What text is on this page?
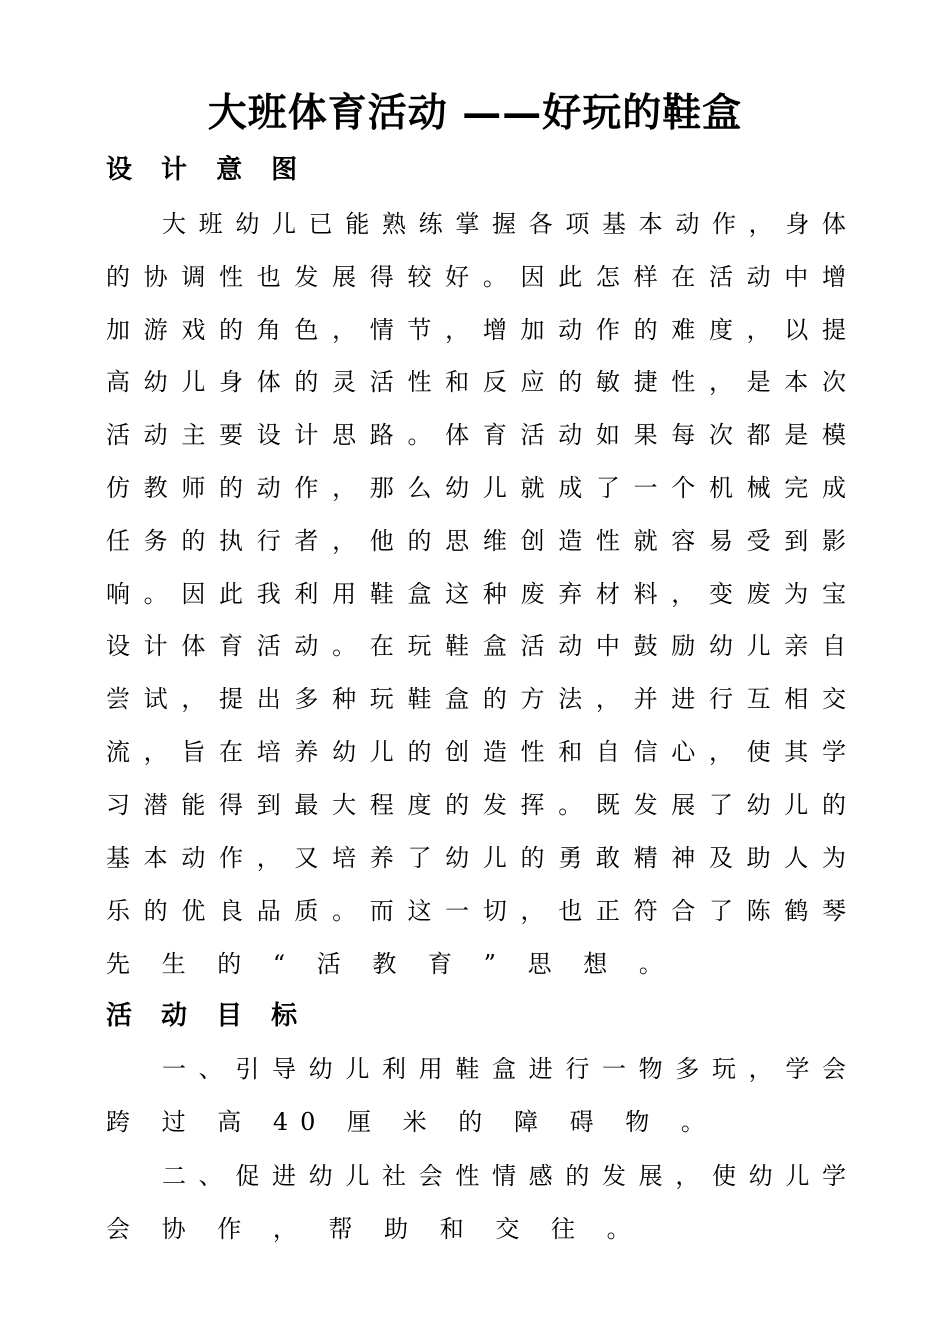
大班体育活动 ——好玩的鞋盒
设 计 意 图
大 班 幼 儿 已 能 熟 练 掌 握 各 项 基 本 动 作 ， 身 体
的 协 调 性 也 发 展 得 较 好 。 因 此 怎 样 在 活 动 中 增
加 游 戏 的 角 色 ， 情 节 ， 增 加 动 作 的 难 度 ， 以 提
高 幼 儿 身 体 的 灵 活 性 和 反 应 的 敏 捷 性 ， 是 本 次
活 动 主 要 设 计 思 路 。 体 育 活 动 如 果 每 次 都 是 模
仿 教 师 的 动 作 ， 那 么 幼 儿 就 成 了 一 个 机 械 完 成
任 务 的 执 行 者 ， 他 的 思 维 创 造 性 就 容 易 受 到 影
响 。 因 此 我 利 用 鞋 盒 这 种 废 弃 材 料 ， 变 废 为 宝
设 计 体 育 活 动 。 在 玩 鞋 盒 活 动 中 鼓 励 幼 儿 亲 自
尝 试 ， 提 出 多 种 玩 鞋 盒 的 方 法 ， 并 进 行 互 相 交
流 ， 旨 在 培 养 幼 儿 的 创 造 性 和 自 信 心 ， 使 其 学
习 潜 能 得 到 最 大 程 度 的 发 挥 。 既 发 展 了 幼 儿 的
基 本 动 作 ， 又 培 养 了 幼 儿 的 勇 敢 精 神 及 助 人 为
乐 的 优 良 品 质 。 而 这 一 切 ， 也 正 符 合 了 陈 鹤 琴
先 生 的 “ 活 教 育 ” 思 想 。
活 动 目 标
一 、 引 导 幼 儿 利 用 鞋 盒 进 行 一 物 多 玩 ， 学 会
跨 过 高 40 厘 米 的 障 碍 物 。
二 、 促 进 幼 儿 社 会 性 情 感 的 发 展 ， 使 幼 儿 学
会 协 作 ， 帮 助 和 交 往 。
